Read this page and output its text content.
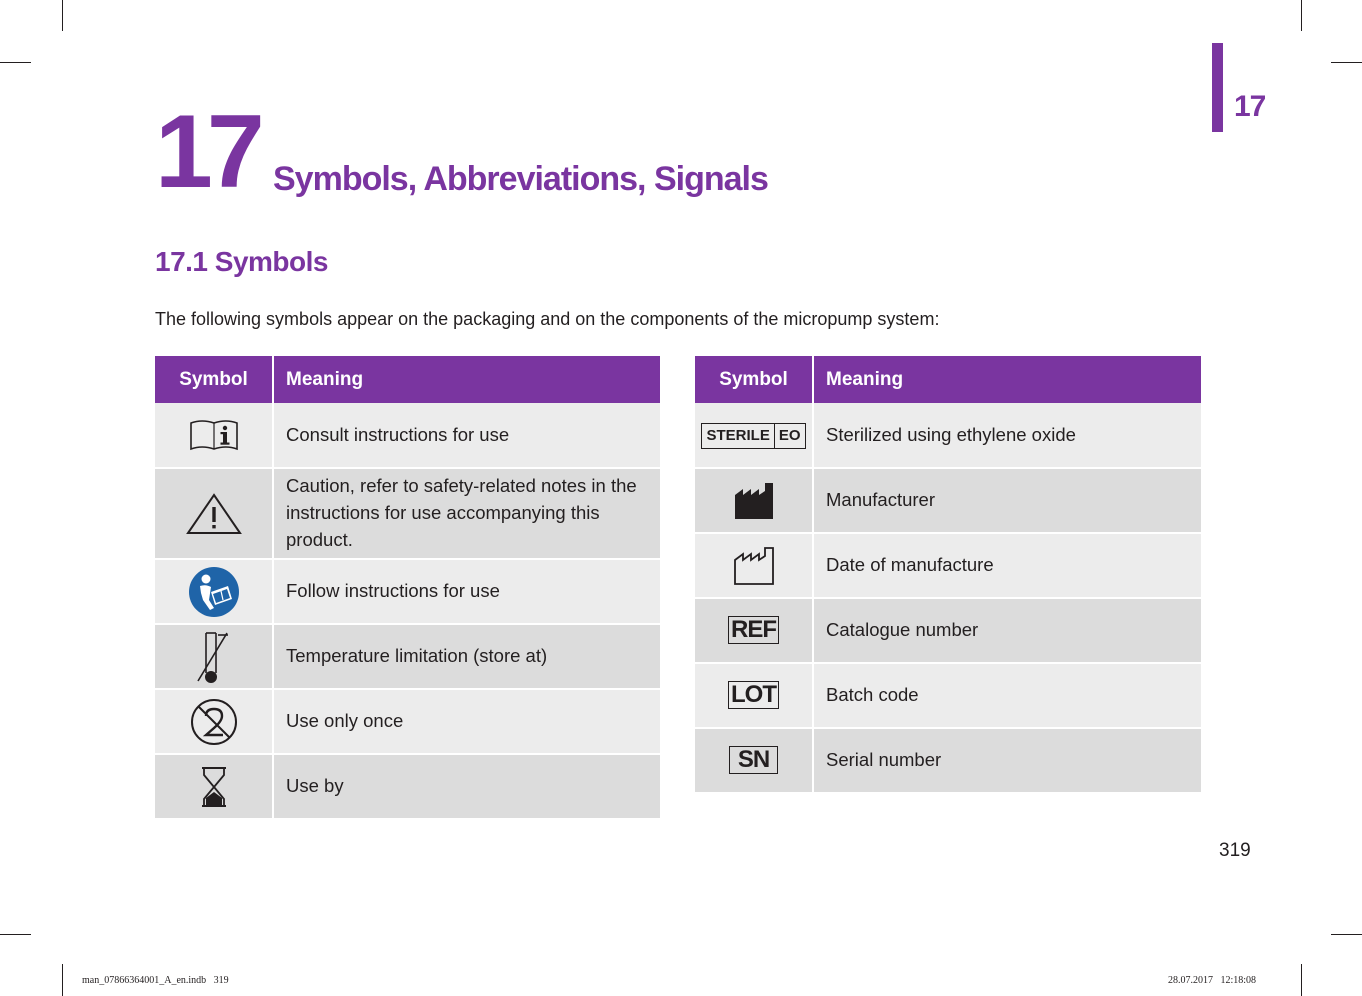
17
17 Symbols, Abbreviations, Signals
17.1 Symbols
The following symbols appear on the packaging and on the components of the micropump system:
Symbol	Meaning
	Consult instructions for use
	Caution, refer to safety-related notes in the instructions for use accompanying this product.
	Follow instructions for use
	Temperature limitation (store at)
	Use only once
	Use by
Symbol	Meaning

STERILE EO	Sterilized using ethylene oxide
	Manufacturer
	Date of manufacture
REF	Catalogue number
LOT	Batch code
SN	Serial number
319
man_07866364001_A_en.indb   319	28.07.2017   12:18:08
